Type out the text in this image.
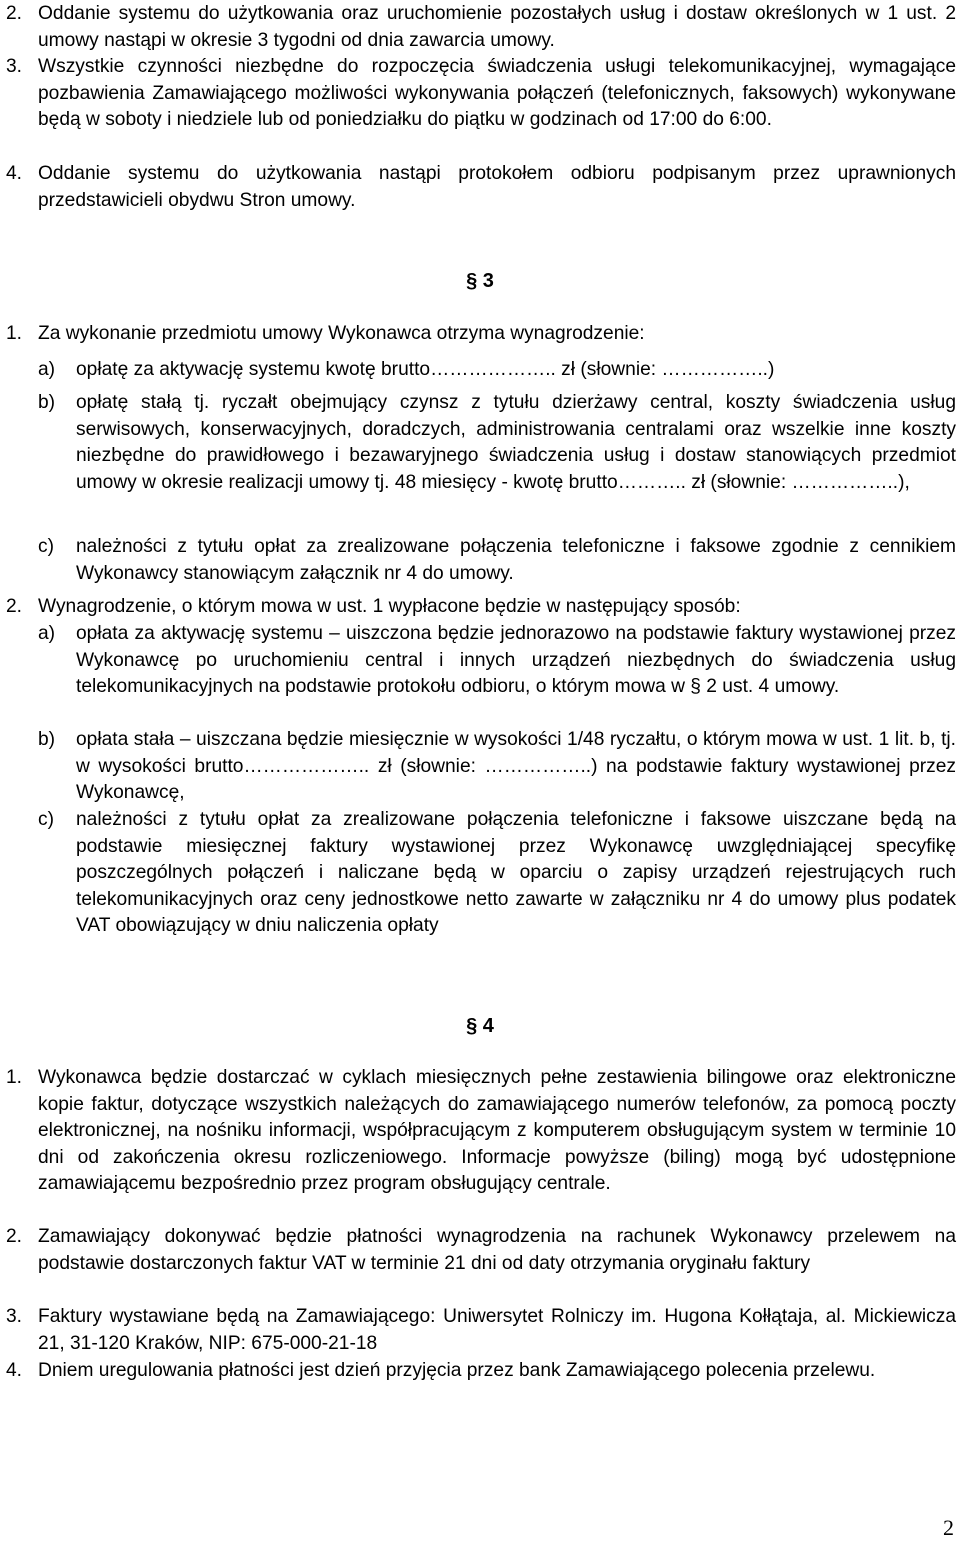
2. Oddanie systemu do użytkowania oraz uruchomienie pozostałych usług i dostaw określonych w 1 ust. 2 umowy nastąpi w okresie 3 tygodni od dnia zawarcia umowy.
3. Wszystkie czynności niezbędne do rozpoczęcia świadczenia usługi telekomunikacyjnej, wymagające pozbawienia Zamawiającego możliwości wykonywania połączeń (telefonicznych, faksowych) wykonywane będą w soboty i niedziele lub od poniedziałku do piątku w godzinach od 17:00 do 6:00.
4. Oddanie systemu do użytkowania nastąpi protokołem odbioru podpisanym przez uprawnionych przedstawicieli obydwu Stron umowy.
§ 3
1. Za wykonanie przedmiotu umowy Wykonawca otrzyma wynagrodzenie:
a) opłatę za aktywację systemu kwotę brutto……………….. zł (słownie: ……………..)
b) opłatę stałą tj. ryczałt obejmujący czynsz z tytułu dzierżawy central, koszty świadczenia usług serwisowych, konserwacyjnych, doradczych, administrowania centralami oraz wszelkie inne koszty niezbędne do prawidłowego i bezawaryjnego świadczenia usług i dostaw stanowiących przedmiot umowy w okresie realizacji umowy tj. 48 miesięcy - kwotę brutto……….. zł (słownie: ……………..),
c) należności z tytułu opłat za zrealizowane połączenia telefoniczne i faksowe zgodnie z cennikiem Wykonawcy stanowiącym załącznik nr 4 do umowy.
2. Wynagrodzenie, o którym mowa w ust. 1 wypłacone będzie w następujący sposób:
a) opłata za aktywację systemu – uiszczona będzie jednorazowo na podstawie faktury wystawionej przez Wykonawcę po uruchomieniu central i innych urządzeń niezbędnych do świadczenia usług telekomunikacyjnych na podstawie protokołu odbioru, o którym mowa w § 2 ust. 4 umowy.
b) opłata stała – uiszczana będzie miesięcznie w wysokości 1/48 ryczałtu, o którym mowa w ust. 1 lit. b, tj. w wysokości brutto……………….. zł (słownie: ……………..) na podstawie faktury wystawionej przez Wykonawcę,
c) należności z tytułu opłat za zrealizowane połączenia telefoniczne i faksowe uiszczane będą na podstawie miesięcznej faktury wystawionej przez Wykonawcę uwzględniającej specyfikę poszczególnych połączeń i naliczane będą w oparciu o zapisy urządzeń rejestrujących ruch telekomunikacyjnych oraz ceny jednostkowe netto zawarte w załączniku nr 4 do umowy plus podatek VAT obowiązujący w dniu naliczenia opłaty
§ 4
1. Wykonawca będzie dostarczać w cyklach miesięcznych pełne zestawienia bilingowe oraz elektroniczne kopie faktur, dotyczące wszystkich należących do zamawiającego numerów telefonów, za pomocą poczty elektronicznej, na nośniku informacji, współpracującym z komputerem obsługującym system w terminie 10 dni od zakończenia okresu rozliczeniowego. Informacje powyższe (biling) mogą być udostępnione zamawiającemu bezpośrednio przez program obsługujący centrale.
2. Zamawiający dokonywać będzie płatności wynagrodzenia na rachunek Wykonawcy przelewem na podstawie dostarczonych faktur VAT w terminie 21 dni od daty otrzymania oryginału faktury
3. Faktury wystawiane będą na Zamawiającego: Uniwersytet Rolniczy im. Hugona Kołłątaja, al. Mickiewicza 21, 31-120 Kraków, NIP: 675-000-21-18
4. Dniem uregulowania płatności jest dzień przyjęcia przez bank Zamawiającego polecenia przelewu.
2
